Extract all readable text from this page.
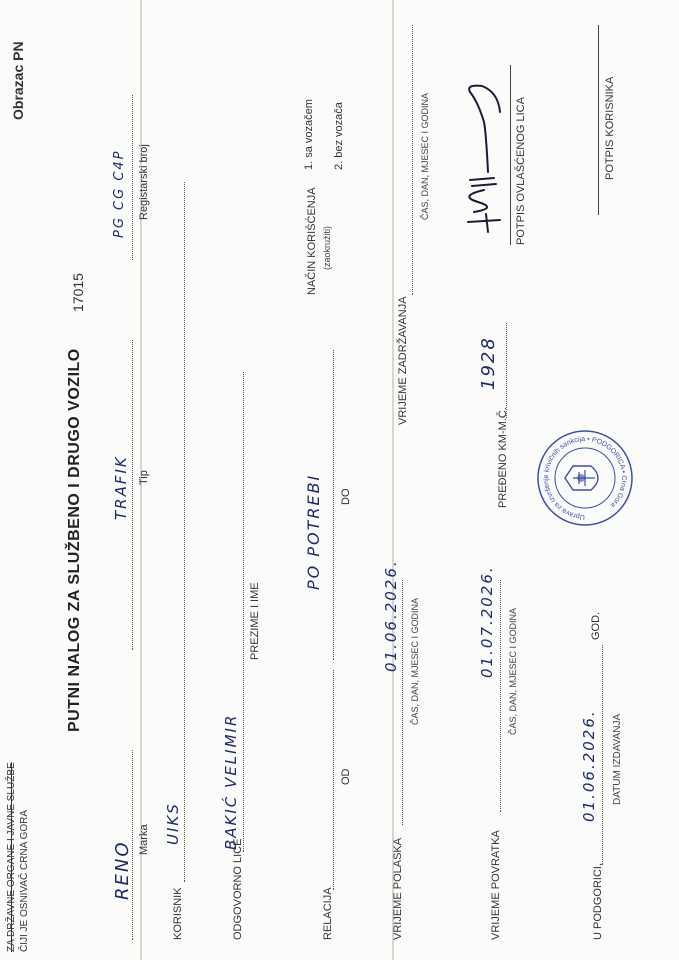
ZA DRŽAVNE ORGANE I JAVNE SLUŽBE ČIJI JE OSNIVAČ CRNA GORA
Obrazac PN
PUTNI NALOG ZA SLUŽBENO I DRUGO VOZILO
17015
RENO
Marka
TRAFIK Tip
PG CG C4P Registarski broj
KORISNIK
UIKS
ODGOVORNO LICE
BAKIĆ VELIMIR
PREZIME I IME
RELACIJA
OD
PO POTREBI DO
NAČIN KORIŠĆENJA (zaokružiti)
1. sa vozačem 2. bez vozača
VRIJEME POLASKA
01.06.2026. ČAS, DAN, MJESEC I GODINA
VRIJEME ZADRŽAVANJA
ČAS, DAN, MJESEC I GODINA
VRIJEME POVRATKA
01.07.2026. ČAS, DAN, MJESEC I GODINA
PREĐENO KM-M.Č.
1928
Uprava za izvršenje krivičnih sankcija • PODGORICA • Crna Gora
POTPIS OVLAŠĆENOG LICA	POTPIS KORISNIKA
U PODGORICI,
01.06.2026.
GOD.
DATUM IZDAVANJA
